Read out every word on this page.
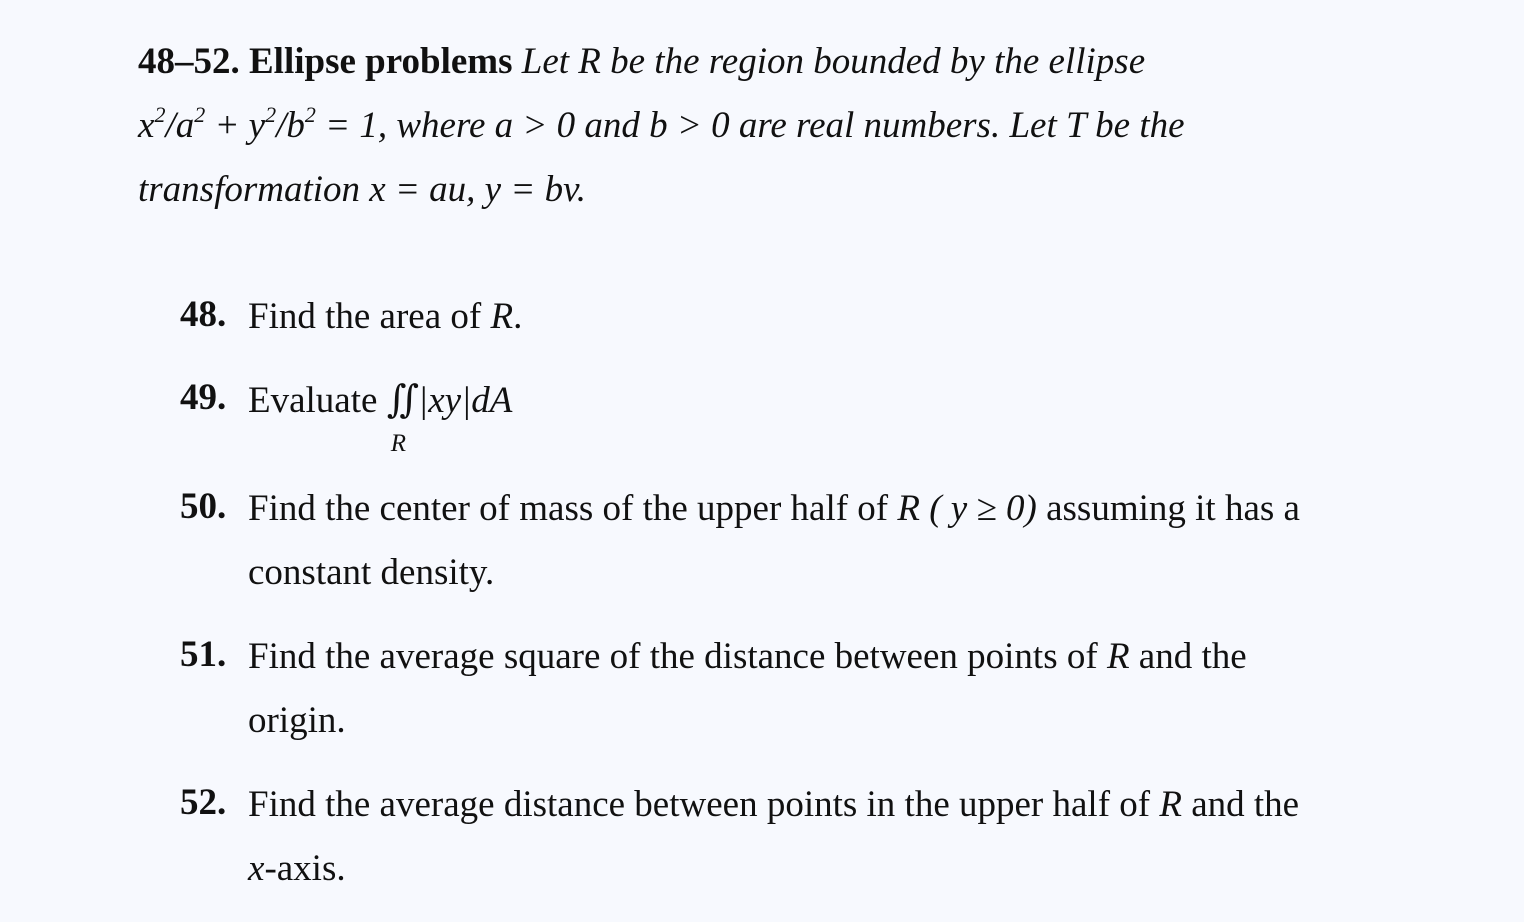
48–52. Ellipse problems Let R be the region bounded by the ellipse
$x^2/a^2 + y^2/b^2 = 1$, where a > 0 and b > 0 are real numbers. Let T be the
transformation x = au, y = bv.
48. Find the area of R.
49. Evaluate ∬
R
|xy|dA
50. Find the center of mass of the upper half of R ( y ≥ 0) assuming it has a
constant density.
51. Find the average square of the distance between points of R and the
origin.
52. Find the average distance between points in the upper half of R and the
x-axis.
